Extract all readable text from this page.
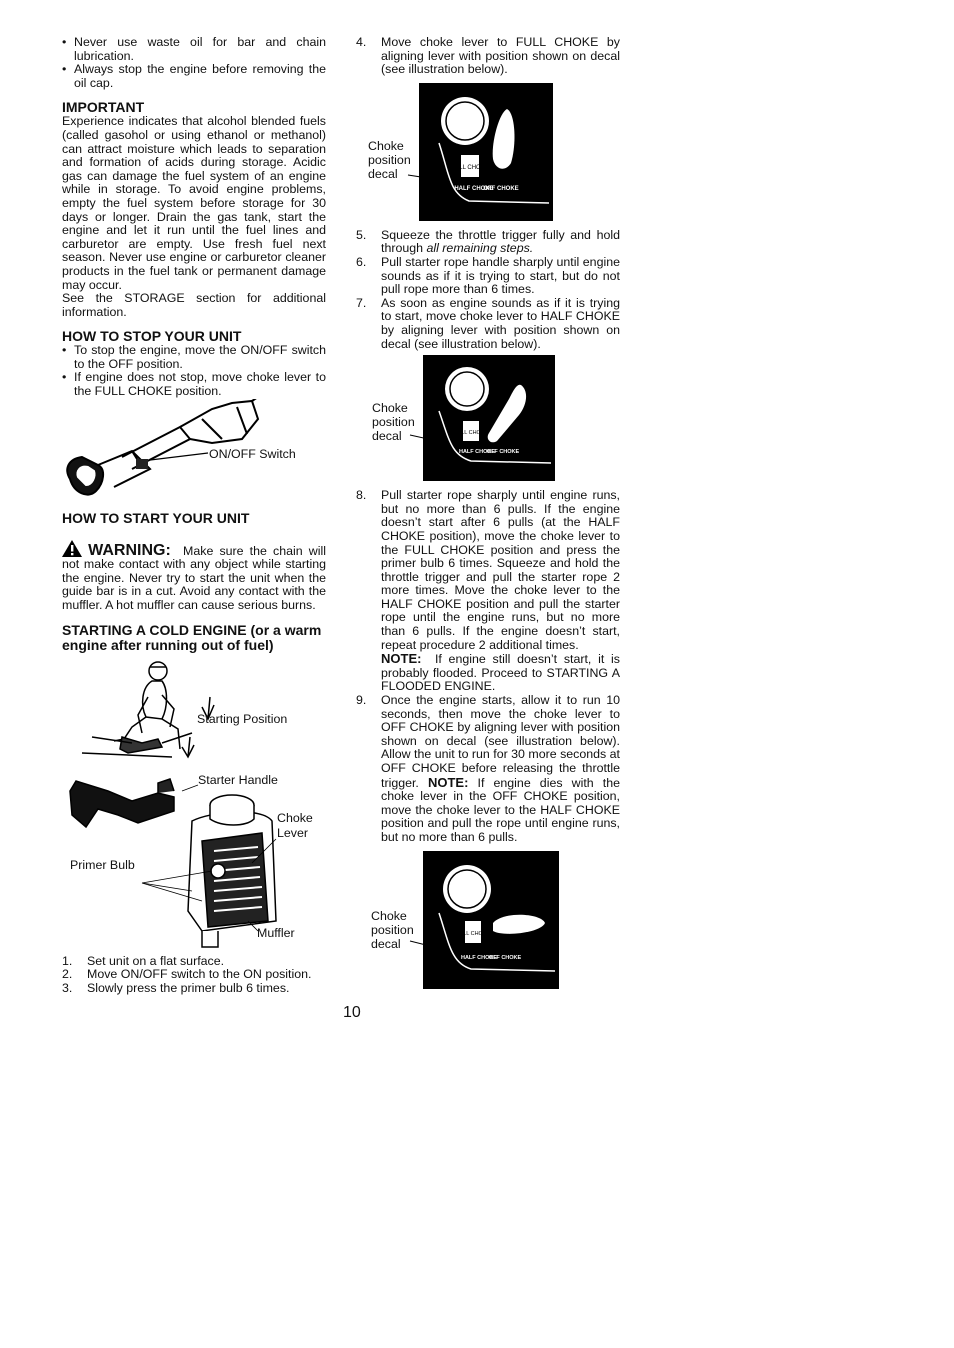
• Never use waste oil for bar and chain lubrication.
• Always stop the engine before removing the oil cap.
IMPORTANT

Experience indicates that alcohol blended fuels (called gasohol or using ethanol or methanol) can attract moisture which leads to separation and formation of acids during storage. Acidic gas can damage the fuel system of an engine while in storage. To avoid engine problems, empty the fuel system before storage for 30 days or longer. Drain the gas tank, start the engine and let it run until the fuel lines and carburetor are empty. Use fresh fuel next season. Never use engine or carburetor cleaner products in the fuel tank or permanent damage may occur.

See the STORAGE section for additional information.

HOW TO STOP YOUR UNIT
• To stop the engine, move the ON/OFF switch to the OFF position.
• If engine does not stop, move choke lever to the FULL CHOKE position.
ON/OFF Switch
HOW TO START YOUR UNIT

WARNING: Make sure the chain will not make contact with any object while starting the engine. Never try to start the unit when the guide bar is in a cut. Avoid any contact with the muffler. A hot muffler can cause serious burns.

STARTING A COLD ENGINE (or a warm engine after running out of fuel)
Starting Position
Starter Handle
Choke
Lever
Primer Bulb
Muffler
1. Set unit on a flat surface.
2. Move ON/OFF switch to the ON position.
3. Slowly press the primer bulb 6 times.
4. Move choke lever to FULL CHOKE by aligning lever with position shown on decal (see illustration below).
FULL CHOKE
HALF CHOKE
OFF CHOKE
Choke
position
decal
5. Squeeze the throttle trigger fully and hold through all remaining steps.
6. Pull starter rope handle sharply until engine sounds as if it is trying to start, but do not pull rope more than 6 times.
7. As soon as engine sounds as if it is trying to start, move choke lever to HALF CHOKE by aligning lever with position shown on decal (see illustration below).
FULL CHOKE
HALF CHOKE
OFF CHOKE
Choke
position
decal
8. Pull starter rope sharply until engine runs, but no more than 6 pulls. If the engine doesn’t start after 6 pulls (at the HALF CHOKE position), move the choke lever to the FULL CHOKE position and press the primer bulb 6 times. Squeeze and hold the throttle trigger and pull the starter rope 2 more times. Move the choke lever to the HALF CHOKE position and pull the starter rope until the engine runs, but no more than 6 pulls. If the engine doesn’t start, repeat procedure 2 additional times.

NOTE: If engine still doesn’t start, it is probably flooded. Proceed to STARTING A FLOODED ENGINE.

9. Once the engine starts, allow it to run 10 seconds, then move the choke lever to OFF CHOKE by aligning lever with position shown on decal (see illustration below). Allow the unit to run for 30 more seconds at OFF CHOKE before releasing the throttle trigger. NOTE: If engine dies with the choke lever in the OFF CHOKE position, move the choke lever to the HALF CHOKE position and pull the rope until engine runs, but no more than 6 pulls.
FULL CHOKE
HALF CHOKE
OFF CHOKE
Choke
position
decal
10
